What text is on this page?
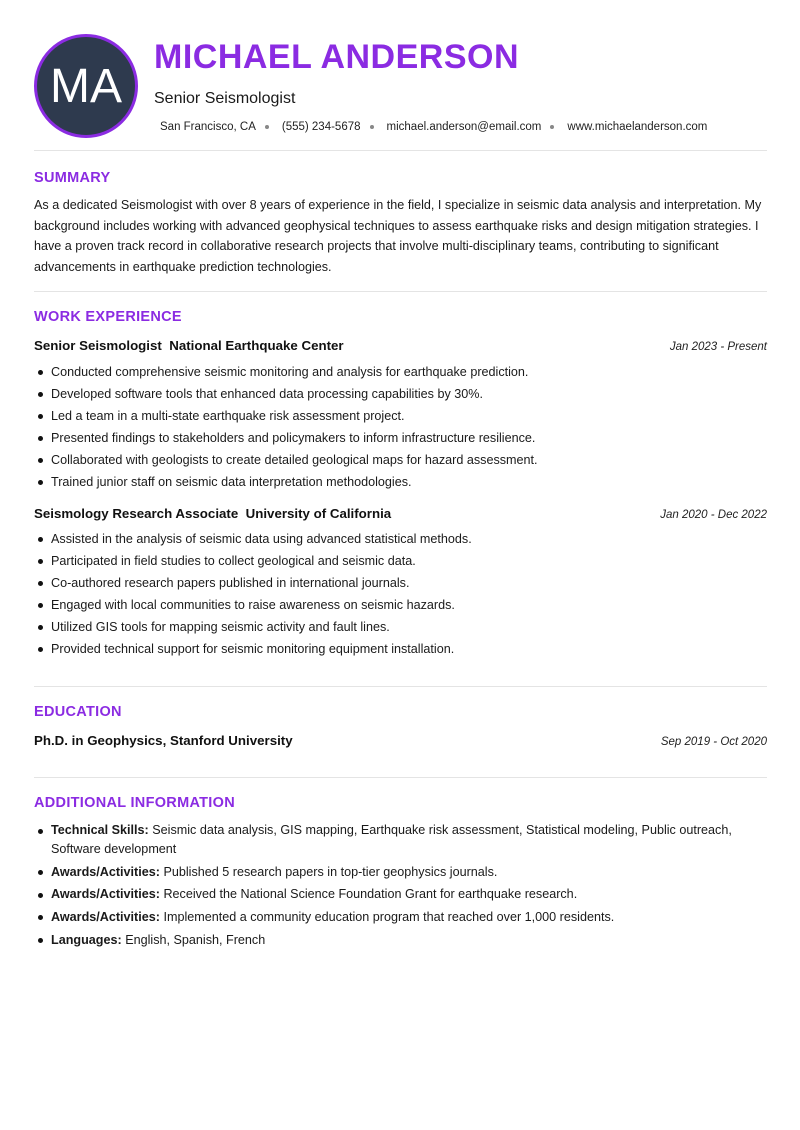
MA
MICHAEL ANDERSON
Senior Seismologist
San Francisco, CA (555) 234-5678 michael.anderson@email.com www.michaelanderson.com
SUMMARY
As a dedicated Seismologist with over 8 years of experience in the field, I specialize in seismic data analysis and interpretation. My background includes working with advanced geophysical techniques to assess earthquake risks and design mitigation strategies. I have a proven track record in collaborative research projects that involve multi-disciplinary teams, contributing to significant advancements in earthquake prediction technologies.
WORK EXPERIENCE
Senior Seismologist National Earthquake Center	Jan 2023 - Present
Conducted comprehensive seismic monitoring and analysis for earthquake prediction.
Developed software tools that enhanced data processing capabilities by 30%.
Led a team in a multi-state earthquake risk assessment project.
Presented findings to stakeholders and policymakers to inform infrastructure resilience.
Collaborated with geologists to create detailed geological maps for hazard assessment.
Trained junior staff on seismic data interpretation methodologies.
Seismology Research Associate University of California	Jan 2020 - Dec 2022
Assisted in the analysis of seismic data using advanced statistical methods.
Participated in field studies to collect geological and seismic data.
Co-authored research papers published in international journals.
Engaged with local communities to raise awareness on seismic hazards.
Utilized GIS tools for mapping seismic activity and fault lines.
Provided technical support for seismic monitoring equipment installation.
EDUCATION
Ph.D. in Geophysics, Stanford University	Sep 2019 - Oct 2020
ADDITIONAL INFORMATION
Technical Skills: Seismic data analysis, GIS mapping, Earthquake risk assessment, Statistical modeling, Public outreach, Software development
Awards/Activities: Published 5 research papers in top-tier geophysics journals.
Awards/Activities: Received the National Science Foundation Grant for earthquake research.
Awards/Activities: Implemented a community education program that reached over 1,000 residents.
Languages: English, Spanish, French
